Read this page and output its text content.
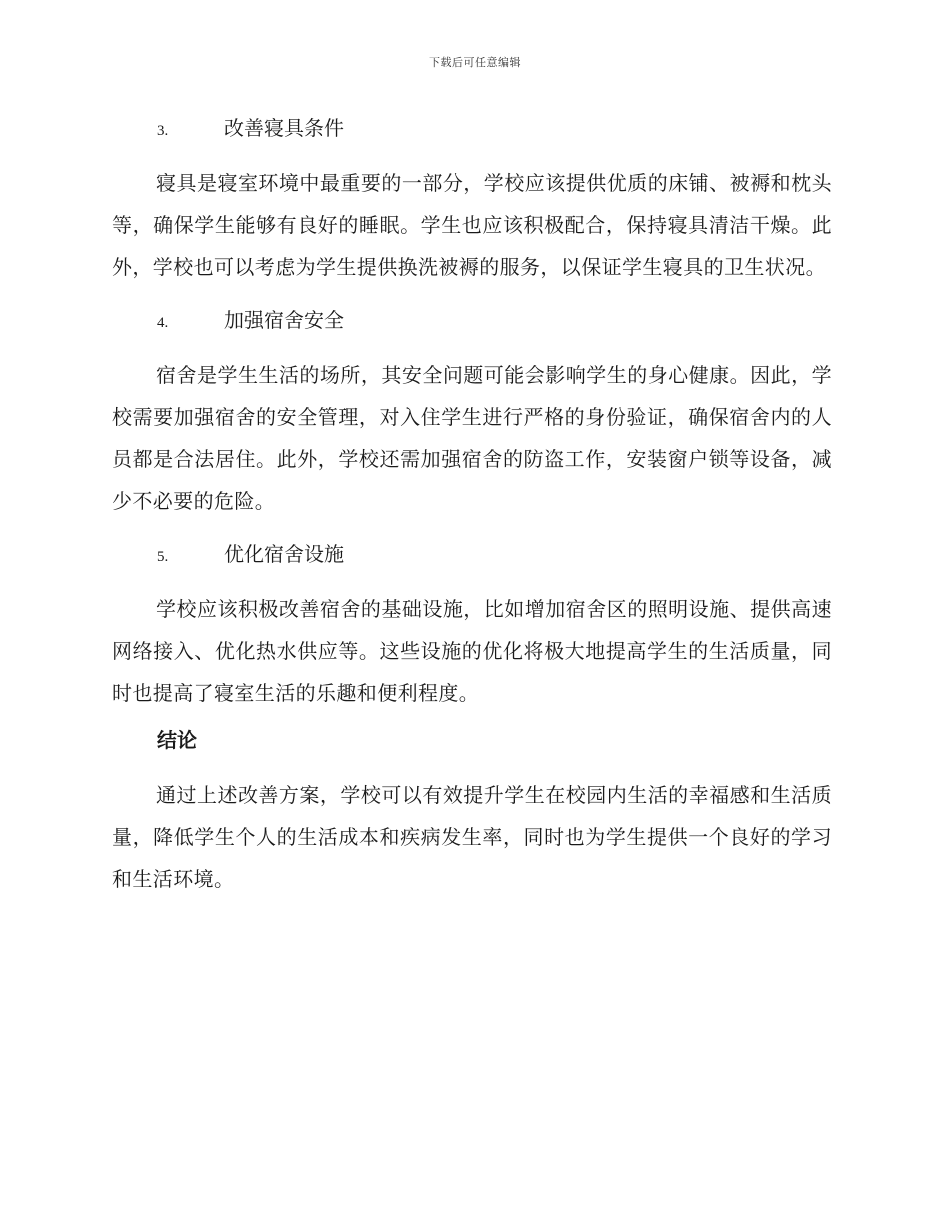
下载后可任意编辑
3.	改善寝具条件

寝具是寝室环境中最重要的一部分，学校应该提供优质的床铺、被褥和枕头等，确保学生能够有良好的睡眠。学生也应该积极配合，保持寝具清洁干燥。此外，学校也可以考虑为学生提供换洗被褥的服务，以保证学生寝具的卫生状况。

4.	加强宿舍安全

宿舍是学生生活的场所，其安全问题可能会影响学生的身心健康。因此，学校需要加强宿舍的安全管理，对入住学生进行严格的身份验证，确保宿舍内的人员都是合法居住。此外，学校还需加强宿舍的防盗工作，安装窗户锁等设备，减少不必要的危险。

5.	优化宿舍设施

学校应该积极改善宿舍的基础设施，比如增加宿舍区的照明设施、提供高速网络接入、优化热水供应等。这些设施的优化将极大地提高学生的生活质量，同时也提高了寝室生活的乐趣和便利程度。

结论

通过上述改善方案，学校可以有效提升学生在校园内生活的幸福感和生活质量，降低学生个人的生活成本和疾病发生率，同时也为学生提供一个良好的学习和生活环境。
